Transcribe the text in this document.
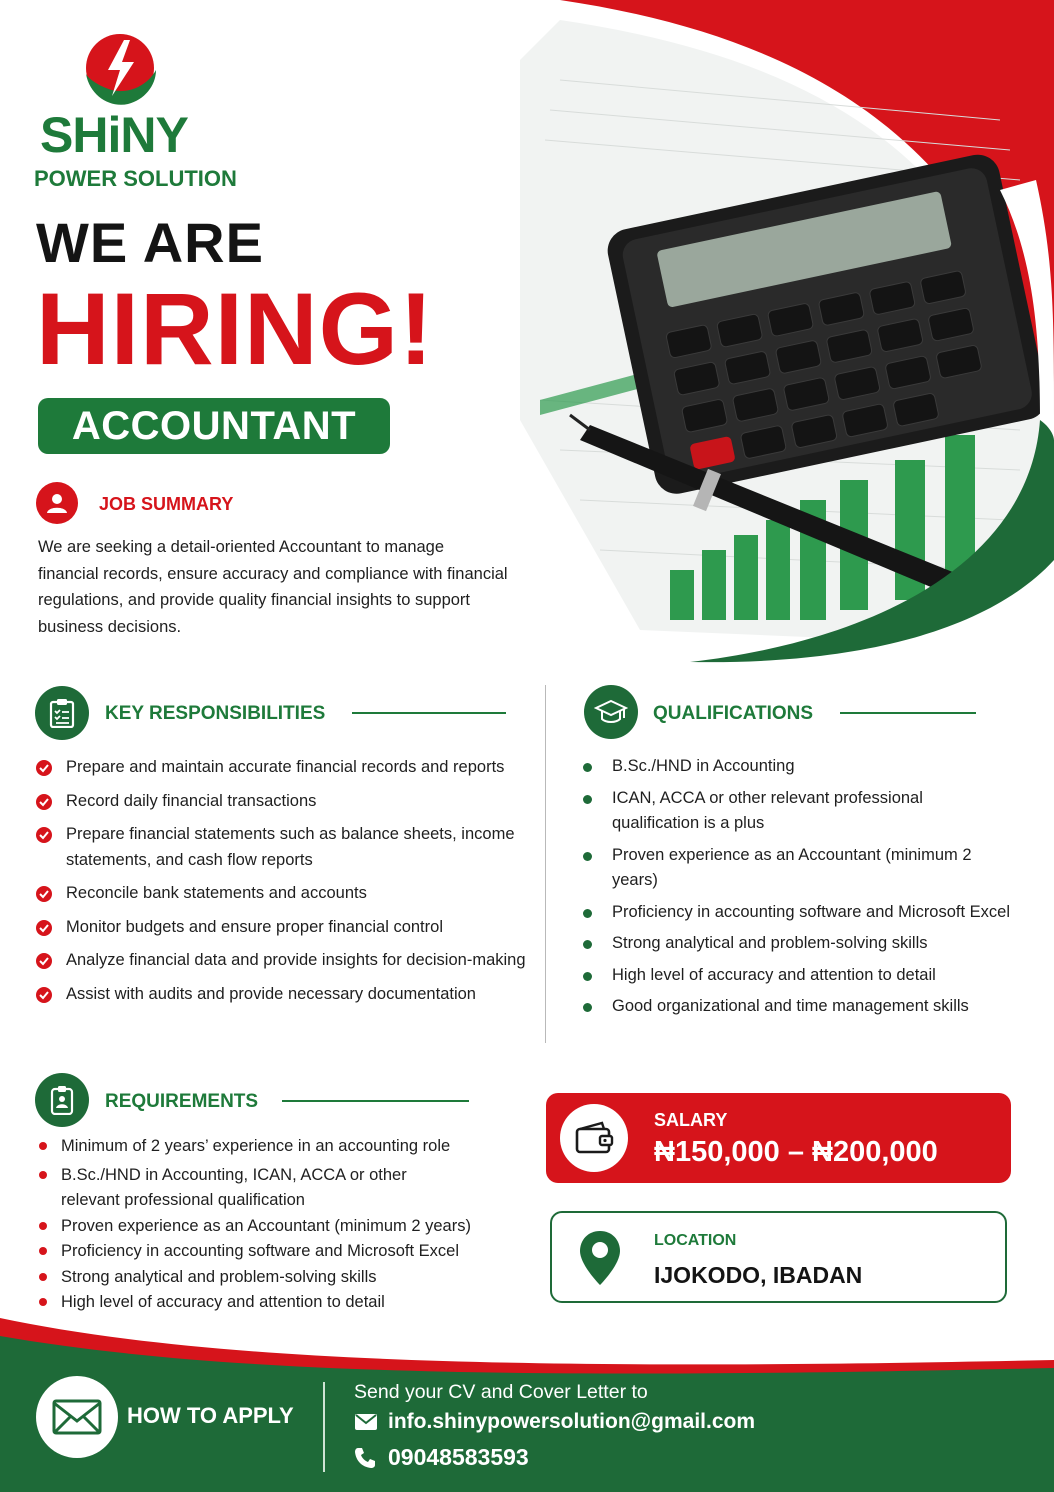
SHiNY
POWER SOLUTION
WE ARE
HIRING!
ACCOUNTANT
JOB SUMMARY
We are seeking a detail-oriented Accountant to manage financial records, ensure accuracy and compliance with financial regulations, and provide quality financial insights to support business decisions.
KEY RESPONSIBILITIES
Prepare and maintain accurate financial records and reports
Record daily financial transactions
Prepare financial statements such as balance sheets, income statements, and cash flow reports
Reconcile bank statements and accounts
Monitor budgets and ensure proper financial control
Analyze financial data and provide insights for decision-making
Assist with audits and provide necessary documentation
QUALIFICATIONS
B.Sc./HND in Accounting
ICAN, ACCA or other relevant professional qualification is a plus
Proven experience as an Accountant (minimum 2 years)
Proficiency in accounting software and Microsoft Excel
Strong analytical and problem-solving skills
High level of accuracy and attention to detail
Good organizational and time management skills
REQUIREMENTS
Minimum of 2 years’ experience in an accounting role
B.Sc./HND in Accounting, ICAN, ACCA or other relevant professional qualification
Proven experience as an Accountant (minimum 2 years)
Proficiency in accounting software and Microsoft Excel
Strong analytical and problem-solving skills
High level of accuracy and attention to detail
SALARY
₦150,000 – ₦200,000
LOCATION
IJOKODO, IBADAN
HOW TO APPLY
Send your CV and Cover Letter to
info.shinypowersolution@gmail.com
09048583593
